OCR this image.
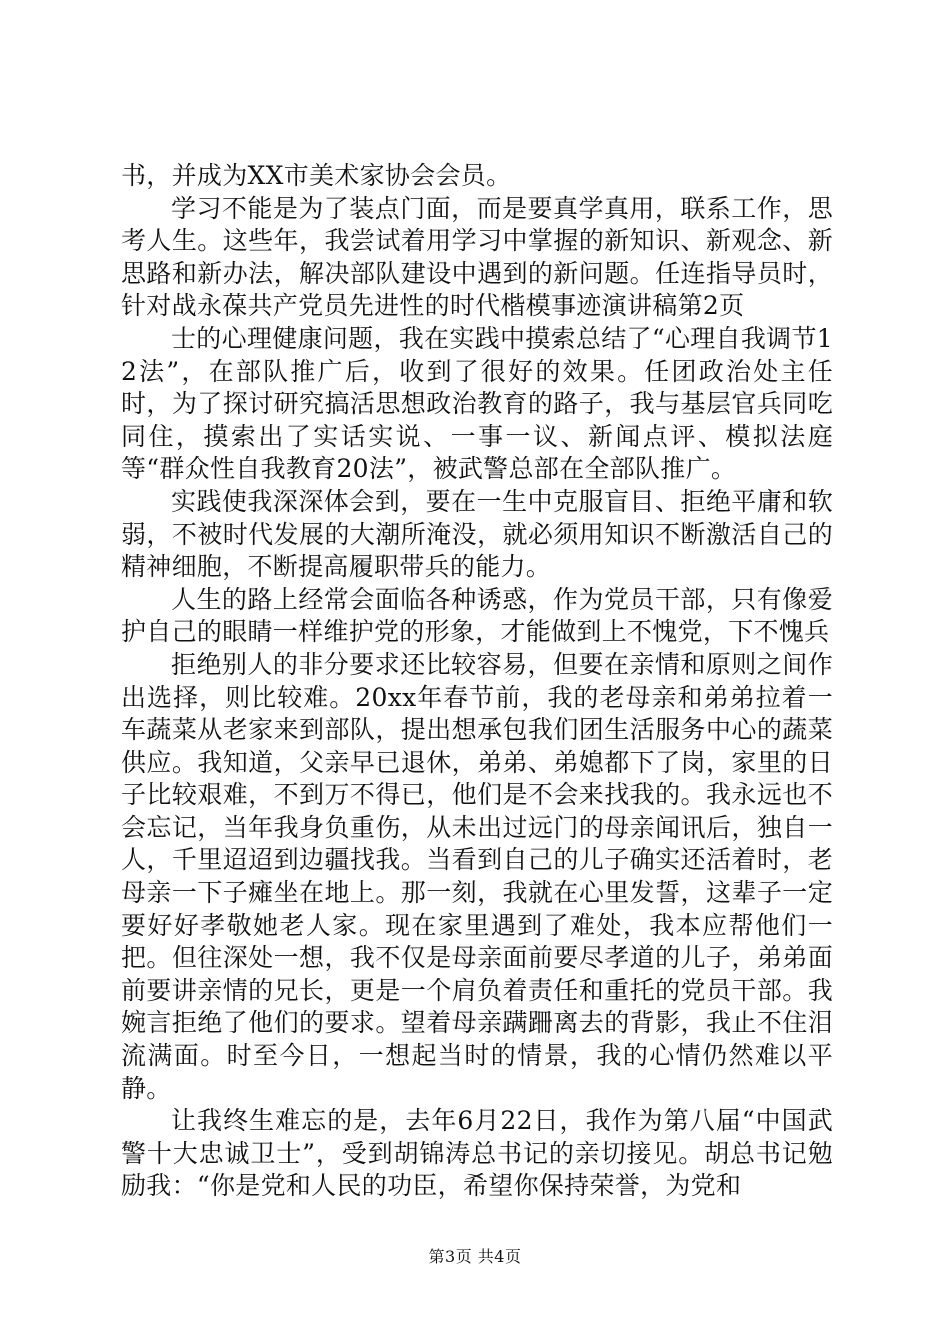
书，并成为XX市美术家协会会员。

学习不能是为了装点门面，而是要真学真用，联系工作，思考人生。这些年，我尝试着用学习中掌握的新知识、新观念、新思路和新办法，解决部队建设中遇到的新问题。任连指导员时，针对战永葆共产党员先进性的时代楷模事迹演讲稿第2页

士的心理健康问题，我在实践中摸索总结了“心理自我调节12法”，在部队推广后，收到了很好的效果。任团政治处主任时，为了探讨研究搞活思想政治教育的路子，我与基层官兵同吃同住，摸索出了实话实说、一事一议、新闻点评、模拟法庭等“群众性自我教育20法”，被武警总部在全部队推广。

实践使我深深体会到，要在一生中克服盲目、拒绝平庸和软弱，不被时代发展的大潮所淹没，就必须用知识不断激活自己的精神细胞，不断提高履职带兵的能力。

人生的路上经常会面临各种诱惑，作为党员干部，只有像爱护自己的眼睛一样维护党的形象，才能做到上不愧党，下不愧兵

拒绝别人的非分要求还比较容易，但要在亲情和原则之间作出选择，则比较难。20xx年春节前，我的老母亲和弟弟拉着一车蔬菜从老家来到部队，提出想承包我们团生活服务中心的蔬菜供应。我知道，父亲早已退休，弟弟、弟媳都下了岗，家里的日子比较艰难，不到万不得已，他们是不会来找我的。我永远也不会忘记，当年我身负重伤，从未出过远门的母亲闻讯后，独自一人，千里迢迢到边疆找我。当看到自己的儿子确实还活着时，老母亲一下子瘫坐在地上。那一刻，我就在心里发誓，这辈子一定要好好孝敬她老人家。现在家里遇到了难处，我本应帮他们一把。但往深处一想，我不仅是母亲面前要尽孝道的儿子，弟弟面前要讲亲情的兄长，更是一个肩负着责任和重托的党员干部。我婉言拒绝了他们的要求。望着母亲蹒跚离去的背影，我止不住泪流满面。时至今日，一想起当时的情景，我的心情仍然难以平静。

让我终生难忘的是，去年6月22日，我作为第八届“中国武警十大忠诚卫士”，受到胡锦涛总书记的亲切接见。胡总书记勉励我：“你是党和人民的功臣，希望你保持荣誉，为党和

第3页 共4页
